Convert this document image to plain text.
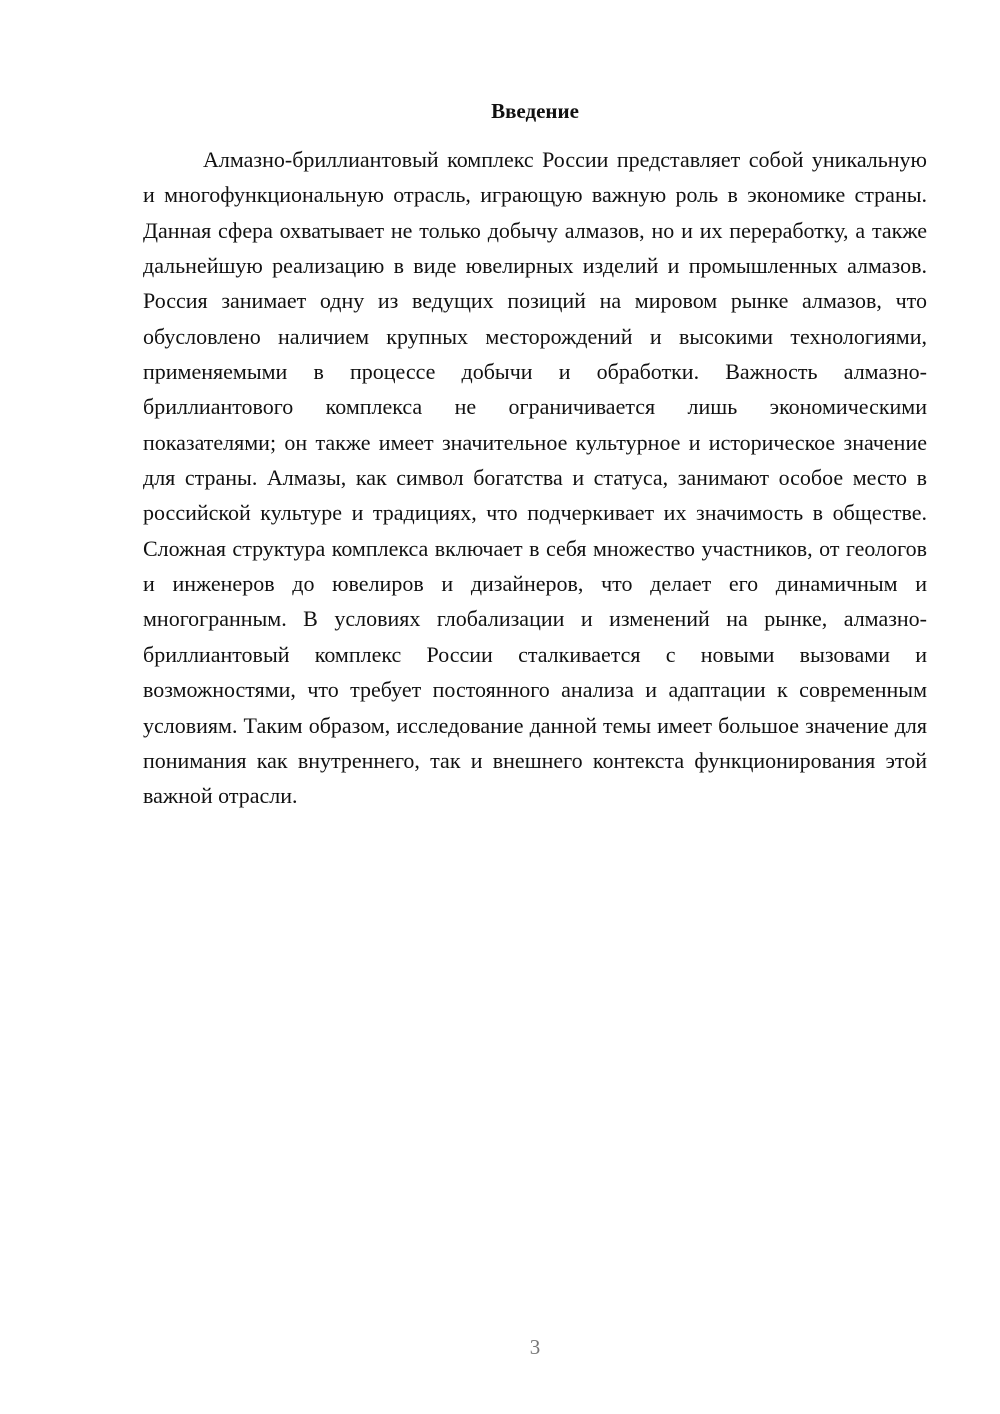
Введение

Алмазно-бриллиантовый комплекс России представляет собой уникальную и многофункциональную отрасль, играющую важную роль в экономике страны. Данная сфера охватывает не только добычу алмазов, но и их переработку, а также дальнейшую реализацию в виде ювелирных изделий и промышленных алмазов. Россия занимает одну из ведущих позиций на мировом рынке алмазов, что обусловлено наличием крупных месторождений и высокими технологиями, применяемыми в процессе добычи и обработки. Важность алмазно-бриллиантового комплекса не ограничивается лишь экономическими показателями; он также имеет значительное культурное и историческое значение для страны. Алмазы, как символ богатства и статуса, занимают особое место в российской культуре и традициях, что подчеркивает их значимость в обществе. Сложная структура комплекса включает в себя множество участников, от геологов и инженеров до ювелиров и дизайнеров, что делает его динамичным и многогранным. В условиях глобализации и изменений на рынке, алмазно-бриллиантовый комплекс России сталкивается с новыми вызовами и возможностями, что требует постоянного анализа и адаптации к современным условиям. Таким образом, исследование данной темы имеет большое значение для понимания как внутреннего, так и внешнего контекста функционирования этой важной отрасли.

3
